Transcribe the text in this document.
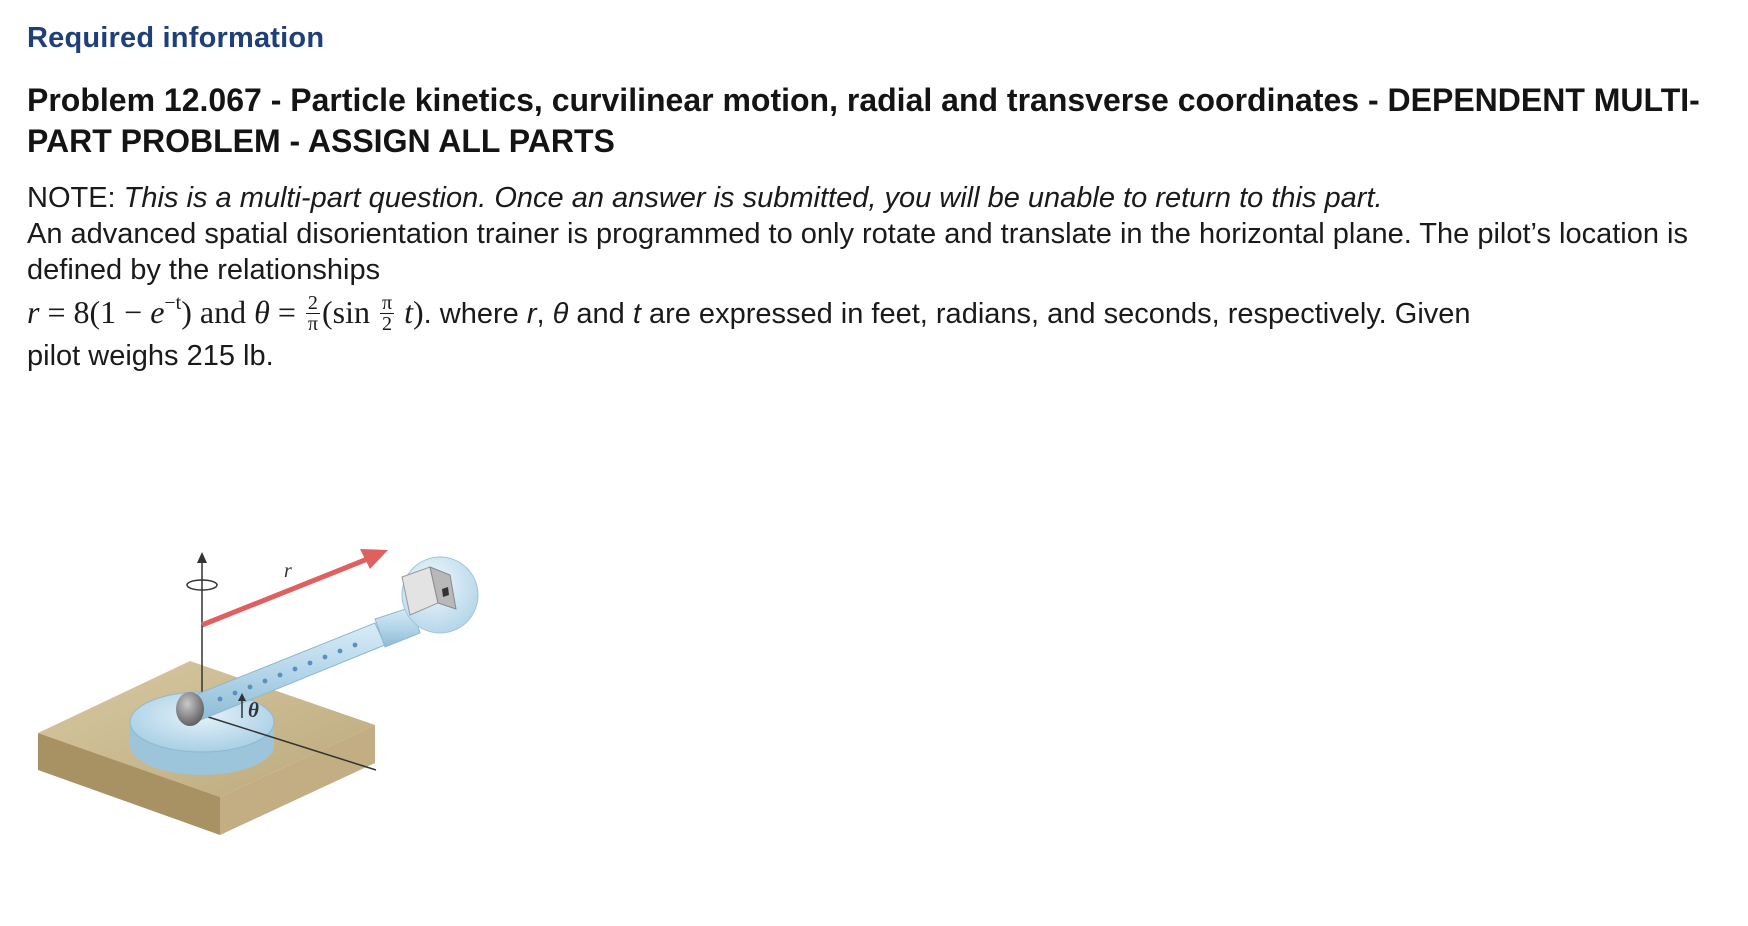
Required information
Problem 12.067 - Particle kinetics, curvilinear motion, radial and transverse coordinates - DEPENDENT MULTI-PART PROBLEM - ASSIGN ALL PARTS
NOTE: This is a multi-part question. Once an answer is submitted, you will be unable to return to this part.
An advanced spatial disorientation trainer is programmed to only rotate and translate in the horizontal plane. The pilot’s location is defined by the relationships
$r = 8(1 - e^{-t})$ and $\theta = \frac{2}{\pi} (\sin \frac{\pi}{2} t)$. where r, θ and t are expressed in feet, radians, and seconds, respectively. Given
pilot weighs 215 lb.
r
θ
